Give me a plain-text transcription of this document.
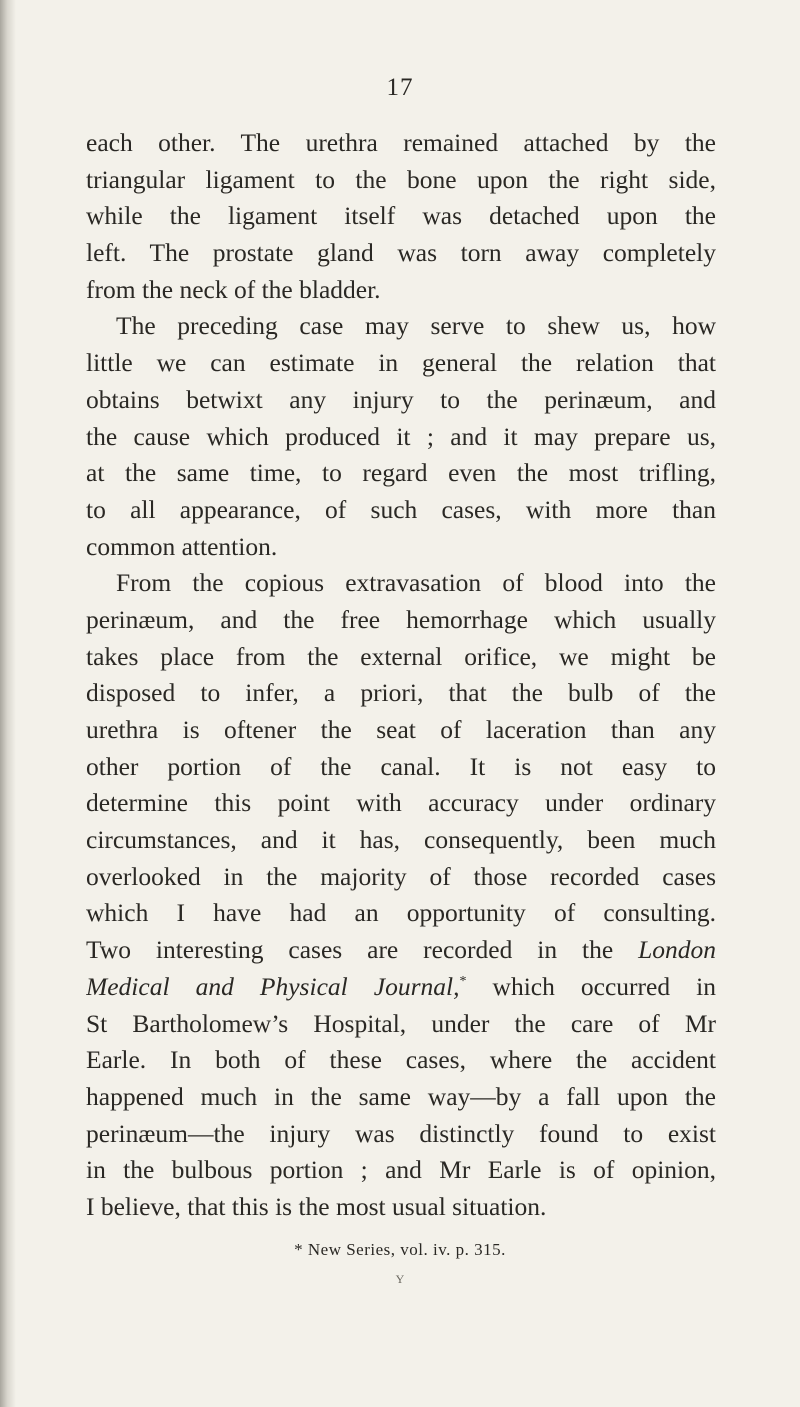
17
each other. The urethra remained attached by the
triangular ligament to the bone upon the right side,
while the ligament itself was detached upon the
left. The prostate gland was torn away completely
from the neck of the bladder.
The preceding case may serve to shew us, how
little we can estimate in general the relation that
obtains betwixt any injury to the perinæum, and
the cause which produced it ; and it may prepare us,
at the same time, to regard even the most trifling,
to all appearance, of such cases, with more than
common attention.
From the copious extravasation of blood into the
perinæum, and the free hemorrhage which usually
takes place from the external orifice, we might be
disposed to infer, a priori, that the bulb of the
urethra is oftener the seat of laceration than any
other portion of the canal. It is not easy to
determine this point with accuracy under ordinary
circumstances, and it has, consequently, been much
overlooked in the majority of those recorded cases
which I have had an opportunity of consulting.
Two interesting cases are recorded in the London
Medical and Physical Journal,* which occurred in
St Bartholomew’s Hospital, under the care of Mr
Earle. In both of these cases, where the accident
happened much in the same way—by a fall upon the
perinæum—the injury was distinctly found to exist
in the bulbous portion ; and Mr Earle is of opinion,
I believe, that this is the most usual situation.
* New Series, vol. iv. p. 315.
Y
